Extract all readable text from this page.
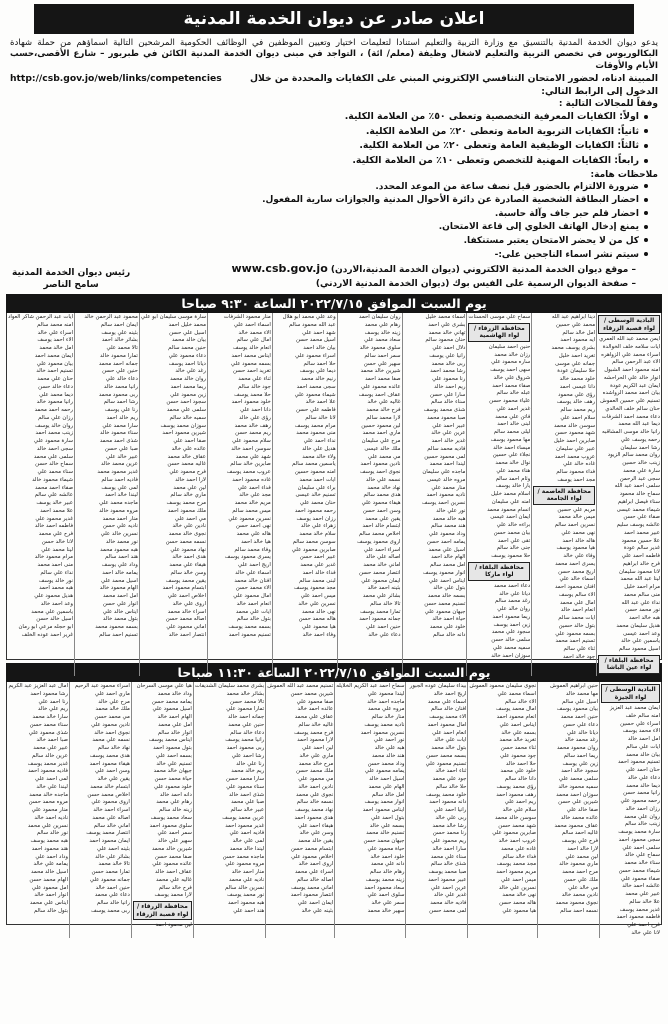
اعلان صادر عن ديوان الخدمة المدنية
يدعو ديوان الخدمة المدنية بالتنسيق مع وزارة التربية والتعليم استنادا لتعليمات اختيار وتعيين الموظفين في الوظائف الحكومية المرشحين التالية اسماؤهم من حملة شهادة البكالوريوس في تخصص التربية والتعليم لاشغال وظيفة (معلم/ ائة) ، التواجد في مبنى ديوان الخدمة المدنية الكائن في طبربور – شارع الأقصى،حسب الأيام والأوقات
المبينة ادناه، لحضور الامتحان التنافسي الإلكتروني المبني على الكفايات والمحددة من خلال الدخول إلى الرابط التالي:
http://csb.gov.jo/web/links/competencies
وفقاً للمجالات التالية :
اولاً: الكفايات المعرفية التخصصية وتعطى ٥٠٪ من العلامة الكلية.
ثانياً: الكفايات التربوية العامة وتعطى ٢٠٪ من العلامة الكلية.
ثالثاً: الكفايات الوظيفية العامة وتعطى ٢٠٪ من العلامة الكلية.
رابعاً: الكفايات المهنية للتخصص وتعطى ١٠٪ من العلامة الكلية.
ملاحظات هامة:
ضرورة الالتزام بالحضور قبل نصف ساعة من الموعد المحدد.
احضار البطاقة الشخصية الصادرة عن دائرة الأحوال المدنية والجوازات سارية المفعول.
احضار قلم حبر جاف وآلة حاسبة.
يمنع إدخال الهاتف الخلوي إلى قاعة الامتحان.
كل من لا يحضر الامتحان يعتبر مستنكفا.
سيتم نشر اسماء الناجحين على:-
– موقع ديوان الخدمة المدنية الالكتروني (ديوان الخدمة المدنية،الاردن) www.csb.gov.jo
– صفحة الديوان الرسمية على الفيس بوك (ديوان الخدمة المدنية الاردني)
رئيس ديوان الخدمة المدنية
سامح الناصر
يوم السبت الموافق ٢٠٢٢/٧/١٥ الساعة ٩:٣٠ صباحا
البادية الوسطى / لواء قصبة الزرقاء
ايمن محمد عبد الله العمري
ايات سلامه خلف الخوالدة
اسراء محمد علي الزواهره
الاء عبد الرحمن سالم
امنه محمود احمد الشبول
انوار خالد علي الحراحشه
ايمان عبد الكريم عودة
بيان احمد محمد الرواشده
تسنيم علي حسين العموش
حنان سالم خلف الخالدي
دعاء محمد احمد الشرفات
ديما عبد الله محمد
رانيا خالد موسى المشاقبه
رحمه يوسف علي
رشا احمد سليمان
روان محمد سالم الزيود
زينب خالد حسين
سارة علي محمد
سجى عبد الرحمن
سلمى احمد عبد الله
سماح خالد محمود
سناء فيصل ابراهيم
شيماء محمد عيسى
صفاء علي حسن
عائشه يوسف سليم
عبير محمد احمد
علا حسين محمود
غدير سالم عودة
فاطمه احمد علي
فرح خالد ابراهيم
لانا محمود سليمان
لينا عبد الله محمد
مرام احمد خليل
منى سالم محمد
نداء علي عبد الله
نور محمد حسن
هبه خالد احمد
هديل سليمان محمد
وعد احمد عيسى
ياسمين علي خالد
اسيل محمود سالم
محافظة البلقاء / لواء عين الباشا
دينا ابراهيم عبد الله
محمد علي حسين
امل خالد سالم
ايه محمود احمد
بشرى يوسف محمد
تغريد احمد خليل
جمانه علي موسى
حلا سليمان عودة
خلود محمد خالد
دانا عيسى احمد
رؤى علي محمود
رهف خالد يوسف
ريم محمد سالم
سلام احمد علي
سوسن خالد محمد
شهد محمود حسن
صابرين احمد خليل
عبير علي سليمان
عروب محمد احمد
غاده خالد علي
فداء محمود سالم
مجد احمد يوسف
محافظة العاصمة / لواء الجامعة
مريم علي حسين
ميس خالد محمد
نسرين احمد سالم
نهى محمد علي
هاله خالد احمد
هيا محمود يوسف
وفاء علي خالد
يسرى احمد محمد
اريج محمد حسن
اسماء خالد علي
افنان محمود احمد
الاء سالم يوسف
امال علي محمد
انعام احمد خالد
ايات محمد سالم
بتول خالد حسين
بسمه محمود علي
تسنيم احمد محمد
ثناء علي سالم
جود خالد احمد
سماح علي موسى الحسنات
محافظة الزرقاء / لواء الهاشمية
حنين احمد سليمان
رزان خالد محمد
ساره محمود علي
سهى احمد يوسف
شروق علي خالد
صفاء محمد احمد
عبله خالد سالم
علياء محمود حسن
غدير احمد علي
فاتن علي محمد
لبنى خالد احمد
ليلى محمد سالم
مها محمود يوسف
ميساء احمد خالد
نجلاء علي حسين
نوال خالد محمد
هناء محمد علي
وئام احمد سالم
يارا خالد يوسف
اسلام محمد خليل
امنه علي سليمان
انسام محمود محمد
ايمان احمد عيسى
براءه خالد علي
بيان محمد حسن
تقى علي احمد
جنى خالد سالم
حلا محمود يوسف
محافظة البلقاء / لواء ماركا
دعاء احمد محمد
ديانا علي خالد
رغد محمد سالم
روان خالد علي
ريما محمود احمد
زين احمد يوسف
سجود علي محمد
سلمى خالد حسن
سميه محمد علي
سوزان احمد خالد
اسماء محمد خليل
بشرى علي احمد
تهاني خالد محمد
حنان محمود سالم
دلال احمد علي
رانيا علي يوسف
ربى خالد محمد
رشا محمد احمد
رنا محمود علي
ريم احمد خالد
سارا علي حسن
سناء خالد سالم
شذى محمد يوسف
صبا محمود محمد
عبير احمد علي
عرين علي خالد
غدير خالد احمد
فاديه محمد سالم
لمى محمود حسين
ليندا احمد محمد
ماجده علي سليمان
مروه خالد عيسى
منار محمد علي
ناديه محمود احمد
نسرين احمد يوسف
نور علي خالد
هبه خالد محمد
هند محمد سالم
وداد محمود علي
يمامه احمد حسن
اسيل علي محمد
الهام خالد احمد
امل محمد سالم
انوار محمود يوسف
ايناس احمد علي
بتول علي خالد
بسمه خالد محمد
تسنيم محمد حسن
جيهان محمود علي
حياة احمد خالد
خلود علي محمد
دانه خالد سالم
روان سليمان احمد
رهام علي محمد
زينه خالد يوسف
سعاد محمد علي
سلوى محمود خالد
سمر احمد سالم
سهير علي حسن
شيرين خالد محمد
صفا محمد احمد
عائده محمود علي
عفاف احمد يوسف
غاليه علي خالد
فرح خالد محمد
لارا محمد سالم
لين محمود حسين
ماري احمد محمد
مرح علي سليمان
ملك خالد عيسى
مي محمد علي
نادين محمود احمد
نجوى احمد يوسف
نسمه علي خالد
نهاد خالد محمد
هدى محمد سالم
هيفاء محمود علي
وسن احمد حسن
يقين علي محمد
ابتسام خالد احمد
اخلاص محمد سالم
اروى محمود يوسف
اسراء احمد علي
اصاله علي خالد
اماني خالد محمد
انتصار محمد حسن
ايمان محمود علي
بثينه احمد خالد
بشائر علي محمد
تالا خالد سالم
تمارا محمد يوسف
جمانه محمود احمد
حنين احمد علي
دعاء علي خالد
وعد علي محمد ابو هلال
عبد الله محمود سالم
شهد احمد علي
اسيل محمد حسن
بيان خالد احمد
اسراء محمود علي
حلا احمد سالم
ديما علي يوسف
رنيم خالد محمد
سجى محمد احمد
شيماء محمود علي
علا احمد خالد
فاطمه علي حسن
لانا خالد سالم
مرام محمد يوسف
منى محمود محمد
نداء احمد علي
هديل علي خالد
ولاء خالد محمد
ياسمين محمد سالم
امنه محمود حسين
ايات احمد محمد
براء علي سليمان
تسنيم خالد عيسى
حنان محمد علي
رحمه محمود احمد
رزان احمد يوسف
زهراء علي خالد
سلام خالد محمد
سوسن محمد سالم
صابرين محمود علي
عبير احمد حسن
غدير علي محمد
فداء خالد احمد
لبنى محمد سالم
مجد محمود يوسف
ميس احمد علي
نسرين علي خالد
نهى خالد محمد
هاله محمد حسن
هيا محمود علي
وفاء احمد خالد
منار محمود الشرفات
اسماء احمد علي
الاء محمد خالد
امال علي سالم
انعام خالد يوسف
ايناس محمد احمد
بسمه محمود علي
تغريد احمد حسن
ثناء علي محمد
جود خالد سالم
حلا محمد يوسف
خلود محمود احمد
دانا احمد علي
رؤى علي خالد
رهف خالد محمد
ريم محمد حسن
سلام محمود علي
سوسن احمد خالد
شهد علي محمد
صابرين خالد سالم
عروب محمد يوسف
غاده محمود احمد
فداء احمد علي
مجد علي خالد
مريم خالد محمد
ميس محمد سالم
نسرين محمود علي
نهى احمد حسن
هاله علي محمد
هيا خالد احمد
وفاء محمد سالم
يسرى محمود يوسف
اريج احمد علي
اسماء علي خالد
افنان خالد محمد
الاء محمد حسن
امال محمود علي
انعام احمد خالد
ايات علي محمد
بتول خالد سالم
بسمه محمد يوسف
تسنيم محمود احمد
سارة موسى سليمان ابو علي
محمد خليل احمد
اسيل علي حسن
بيان خالد محمد
حنين محمد سالم
دعاء محمود علي
ديانا احمد يوسف
رغد علي خالد
روان خالد محمد
ريما محمد احمد
زين محمود علي
سجود احمد حسن
سلمى علي محمد
سميه خالد سالم
سوزان محمد يوسف
شيرين محمود احمد
صفا احمد علي
عائده علي خالد
عفاف خالد محمد
غاليه محمد حسن
فرح محمود علي
لارا احمد خالد
لين علي محمد
ماري خالد سالم
مرح محمد يوسف
ملك محمود احمد
مي احمد علي
نادين علي خالد
نجوى خالد محمد
نسمه محمد حسن
نهاد محمود علي
هدى احمد خالد
هيفاء علي محمد
وسن خالد سالم
يقين محمد يوسف
ابتسام محمود احمد
اخلاص احمد علي
اروى علي خالد
اسراء خالد محمد
اصاله محمد حسن
اماني محمود علي
انتصار احمد خالد
محمود عبد الرحمن خالد
ايمان احمد سالم
بثينه علي يوسف
بشائر خالد احمد
تالا محمد علي
تمارا محمود خالد
جمانه احمد محمد
حنين علي حسن
دعاء خالد علي
رانيا محمد خالد
ربى محمود محمد
رشا احمد سالم
رنا علي يوسف
ريم خالد احمد
سارا محمد علي
سناء محمود خالد
شذى احمد محمد
صبا علي حسن
عبير خالد علي
عرين محمد خالد
غدير محمود محمد
فاديه احمد سالم
لمى علي يوسف
ليندا خالد احمد
ماجده محمد علي
مروه محمود خالد
منار احمد محمد
ناديه علي حسن
نسرين خالد علي
نور محمد خالد
هبه محمود محمد
هند احمد سالم
وداد علي يوسف
يمامه خالد احمد
اسيل محمد علي
الهام محمود خالد
امل احمد محمد
انوار علي حسن
ايناس خالد علي
بتول محمد خالد
بسمه محمود محمد
تسنيم احمد سالم
ايات عبد الرحمن شاكر العواد
امنه محمد سالم
اسراء علي خالد
الاء احمد يوسف
امل خالد محمد
ايمان محمد احمد
بيان محمود علي
تسنيم احمد خالد
حنان علي محمد
دعاء خالد حسن
ديما محمد علي
رانيا محمود خالد
رحمه احمد محمد
رزان علي سالم
روان خالد يوسف
زينب محمد احمد
سارة محمود علي
سجى احمد خالد
سلمى علي محمد
سماح خالد حسن
سناء محمد علي
شيماء محمود خالد
صفاء احمد محمد
عائشه علي سالم
عبير خالد يوسف
علا محمد احمد
غدير محمود علي
فاطمه احمد خالد
فرح علي محمد
لانا خالد حسن
لينا محمد علي
مرام محمود خالد
منى احمد محمد
نداء علي سالم
نور خالد يوسف
هبه محمد احمد
هديل محمود علي
وعد احمد خالد
ياسمين علي محمد
اسيل خالد حسن
ابو حجله مرعي ابو رمان
غرير احمد عوده الخلف
يوم السبت الموافق ٢٠٢٢/٧/١٥ الساعة ١١:٣٠ صباحا
البادية الوسطى / لواء الجيزة
ايمان محمد عبد العزيز
امنه سالم خلف
اسراء علي حسين
الاء محمد يوسف
امل احمد خالد
ايات علي سالم
بيان خالد محمد
تسنيم محمود احمد
حنان احمد علي
دعاء علي خالد
ديما خالد محمد
رانيا محمد حسن
رحمه محمود علي
رزان احمد خالد
روان علي محمد
زينب خالد سالم
سارة محمد يوسف
سجى محمود احمد
سلمى احمد علي
سماح علي خالد
سناء خالد محمد
شيماء محمد حسن
صفاء محمود علي
عائشه احمد خالد
عبير علي محمد
علا خالد سالم
غدير محمد يوسف
فاطمه محمود احمد
فرح احمد علي
لانا علي خالد
حنين ابراهيم العموش
مها محمد خالد
اسيل علي سالم
بيان محمود يوسف
حنين احمد محمد
دعاء علي حسن
ديانا خالد علي
رغد محمد خالد
روان محمود محمد
ريما احمد سالم
زين علي يوسف
سجود خالد احمد
سلمى محمد علي
سميه محمود خالد
سوزان احمد محمد
شيرين علي حسن
صفا خالد علي
عائده محمد خالد
عفاف محمود محمد
غاليه احمد سالم
فرح علي يوسف
لارا خالد احمد
لين محمد علي
ماري محمود خالد
مرح احمد محمد
ملك علي حسن
مي خالد علي
نادين محمد خالد
نجوى محمود محمد
نسمه احمد سالم
نجوى سليمان محمود العموش
اسماء محمد علي
الاء خالد سالم
امال محمد يوسف
انعام محمود احمد
ايناس احمد علي
بسمه علي خالد
تغريد خالد محمد
ثناء محمد حسن
جود محمود علي
حلا احمد خالد
خلود علي محمد
دانا خالد سالم
رؤى محمد يوسف
رهف محمود احمد
ريم احمد علي
سلام علي خالد
سوسن خالد محمد
شهد محمد حسن
صابرين محمود علي
عروب احمد خالد
غاده علي محمد
فداء خالد سالم
مجد محمد يوسف
مريم محمود احمد
ميس احمد علي
نسرين علي خالد
نهى خالد محمد
هاله محمد حسن
هيا محمود علي
بيداء سليمان عوده الجبور
اريج احمد خالد
اسماء علي محمد
افنان خالد سالم
الاء محمد يوسف
امال محمود احمد
انعام احمد علي
ايات علي خالد
بتول خالد محمد
بسمه محمد حسن
تسنيم محمود علي
ثناء احمد خالد
جود علي محمد
حلا خالد سالم
خلود محمد يوسف
دانه محمود احمد
رانيا احمد علي
ربى علي خالد
رشا خالد محمد
رنا محمد حسن
ريم محمود علي
سارا احمد خالد
سناء علي محمد
شذى خالد سالم
صبا محمد يوسف
عبير محمود احمد
عرين احمد علي
غدير علي خالد
فاديه خالد محمد
لمى محمد حسن
سماح احمد عبد الكريم الخلايله
ليندا محمود علي
ماجده احمد خالد
مروه علي محمد
منار خالد سالم
ناديه محمد يوسف
نسرين محمود احمد
نور احمد علي
هبه علي خالد
هند خالد محمد
وداد محمد حسن
يمامه محمود علي
اسيل احمد خالد
الهام علي محمد
امل خالد سالم
انوار محمد يوسف
ايناس محمود احمد
بتول احمد علي
بسمه علي خالد
تسنيم خالد محمد
جيهان محمد حسن
حياة محمود علي
خلود احمد خالد
دانه علي محمد
رهام خالد سالم
زينه محمد يوسف
سعاد محمود احمد
سلوى احمد علي
سمر علي خالد
سهير خالد محمد
تسنيم محمد عبد الله العموش
شيرين محمد حسن
صفا محمود علي
عائده احمد خالد
عفاف علي محمد
غاليه خالد سالم
فرح محمد يوسف
لارا محمود احمد
لين احمد علي
ماري علي خالد
مرح خالد محمد
ملك محمد حسن
مي محمود علي
نادين احمد خالد
نجوى علي محمد
نسمه خالد سالم
نهاد محمد يوسف
هدى محمود احمد
هيفاء احمد علي
وسن علي خالد
يقين خالد محمد
ابتسام محمد حسن
اخلاص محمود علي
اروى احمد خالد
اسراء علي محمد
اصاله خالد سالم
اماني محمد يوسف
انتصار محمود احمد
ايمان احمد علي
بثينه علي خالد
بشرى محمد سليمان الشديفات
بشائر خالد محمد
تالا محمد حسن
تمارا محمود علي
جمانه احمد خالد
حنين علي محمد
دعاء خالد سالم
رانيا محمد يوسف
ربى محمود احمد
رشا احمد علي
رنا علي خالد
ريم خالد محمد
سارا محمد حسن
سناء محمود علي
شذى احمد خالد
صبا علي محمد
عبير خالد سالم
عرين محمد يوسف
غدير محمود احمد
فاديه احمد علي
لمى علي خالد
ليندا خالد محمد
ماجده محمد حسن
مروه محمود علي
منار احمد خالد
ناديه علي محمد
نسرين خالد سالم
نور محمد يوسف
هبه محمود احمد
هند احمد علي
هيا علي موسى السرحان
وداد خالد محمد
يمامه محمد حسن
اسيل محمود علي
الهام احمد خالد
امل علي محمد
انوار خالد سالم
ايناس محمد يوسف
بتول محمود احمد
بسمه احمد علي
تسنيم علي خالد
جيهان خالد محمد
حياة محمد حسن
خلود محمود علي
دانه احمد خالد
رهام علي محمد
زينه خالد سالم
سعاد محمد يوسف
سلوى محمود احمد
سمر احمد علي
سهير علي خالد
شيرين خالد محمد
صفا محمد حسن
عائده محمود علي
عفاف احمد خالد
غاليه علي محمد
فرح خالد سالم
لارا محمد يوسف
محافظة الزرقاء / لواء قصبة الزرقاء
لين محمود احمد
اسراء محمود عبد الرحيم
ماري احمد علي
مرح علي خالد
ملك خالد محمد
مي محمد حسن
نادين محمود علي
نجوى احمد خالد
نسمه علي محمد
نهاد خالد سالم
هدى محمد يوسف
هيفاء محمود احمد
وسن احمد علي
يقين علي خالد
ابتسام خالد محمد
اخلاص محمد حسن
اروى محمود علي
اسراء احمد خالد
اصاله علي محمد
اماني خالد سالم
انتصار محمد يوسف
ايمان محمود احمد
بثينه احمد علي
بشائر علي خالد
تالا خالد محمد
تمارا محمد حسن
جمانه محمود علي
حنين احمد خالد
دعاء علي محمد
رانيا خالد سالم
ربى محمد يوسف
امال عبد العزيز عبد الكريم
رشا محمود احمد
رنا احمد علي
ريم علي خالد
سارا خالد محمد
سناء محمد حسن
شذى محمود علي
صبا احمد خالد
عبير علي محمد
عرين خالد سالم
غدير محمد يوسف
فاديه محمود احمد
لمى احمد علي
ليندا علي خالد
ماجده خالد محمد
مروه محمد حسن
منار محمود علي
ناديه احمد خالد
نسرين علي محمد
نور خالد سالم
هبه محمد يوسف
هند محمود احمد
وداد احمد علي
يمامه علي خالد
اسيل خالد محمد
الهام محمد حسن
امل محمود علي
انوار احمد خالد
ايناس علي محمد
بتول خالد سالم
